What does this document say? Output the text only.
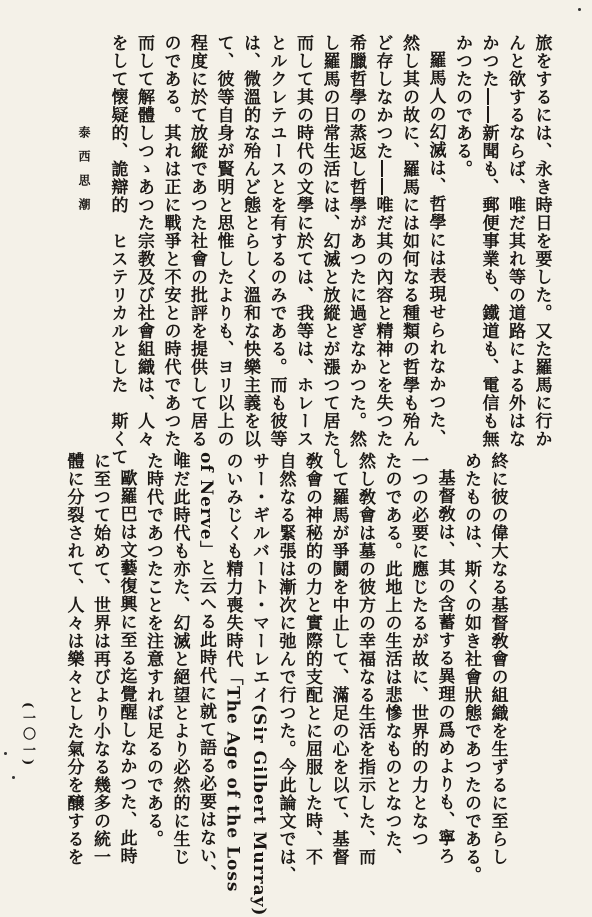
旅をするには、永き時日を要した。又た羅馬に行か
んと欲するならば、唯だ其れ等の道路による外はな
かつた――新聞も、郵便事業も、鐵道も、電信も無
かつたのである。
羅馬人の幻滅は、哲學には表現せられなかつた、
然し其の故に、羅馬には如何なる種類の哲學も殆ん
ど存しなかつた――唯だ其の內容と精神とを失つた
希臘哲學の蒸返し哲學があつたに過ぎなかつた。然
し羅馬の日常生活には、幻滅と放縱とが漲つて居た。
而して其の時代の文學に於ては、我等は、ホレース
とルクレテユースとを有するのみである。而も彼等
は、微溫的な殆んど態とらしく溫和な快樂主義を以
て、彼等自身が賢明と思惟したよりも、ヨリ以上の
程度に於て放縱であつた社會の批評を提供して居る
のである。其れは正に戰爭と不安との時代であつた、
而して解體しつゝあつた宗教及び社會組織は、人々
をして懐疑的、詭辯的　ヒステリカルとした　斯くて
泰西思潮
終に彼の偉大なる基督敎會の組織を生ずるに至らし
めたものは、斯くの如き社會狀態であつたのである。
基督敎は、其の含蓄する異理の爲めよりも、寧ろ
一つの必要に應じたるが故に、世界的の力となつ
たのである。此地上の生活は悲慘なものとなつた、
然し敎會は墓の彼方の幸福なる生活を指示した、而
して羅馬が爭鬪を中止して、滿足の心を以て、基督
敎會の神秘的の力と實際的支配とに屈服した時、不
自然なる緊張は漸次に弛んで行つた。今此論文では、
サー・ギルバート・マーレエイ(Sir Gilbert Murray)
のいみじくも精力喪失時代「The Age of the Loss
of Nerve」と云へる此時代に就て語る必要はない、
唯だ此時代も亦た、幻滅と絕望とより必然的に生じ
た時代であつたことを注意すれば足るのである。
歐羅巴は文藝復興に至る迄覺醒しなかつた、此時
に至つて始めて、世界は再びより小なる幾多の統一
體に分裂されて、人々は樂々とした氣分を醸するを
(一〇一)
